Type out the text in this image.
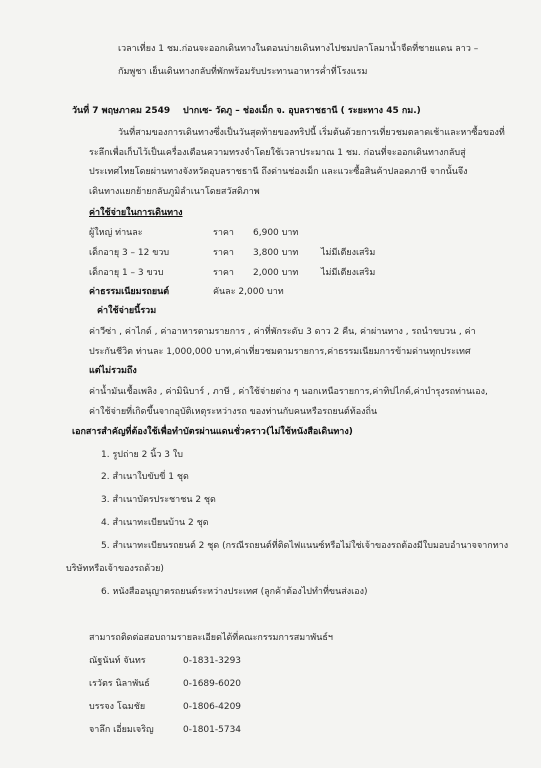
เวลาเที่ยง 1 ชม.ก่อนจะออกเดินทางในตอนบ่ายเดินทางไปชมปลาโลมาน้ำจืดที่ชายแดน ลาว –
กัมพูชา เย็นเดินทางกลับที่พักพร้อมรับประทานอาหารค่ำที่โรงแรม
วันที่ 7 พฤษภาคม 2549 ปากเซ- วัดภู – ช่องเม็ก จ. อุบลราชธานี ( ระยะทาง 45 กม.)
วันที่สามของการเดินทางซึ่งเป็นวันสุดท้ายของทริปนี้ เริ่มต้นด้วยการเที่ยวชมตลาดเช้าและหาซื้อของที่
ระลึกเพื่อเก็บไว้เป็นเครื่องเตือนความทรงจำโดยใช้เวลาประมาณ 1 ชม. ก่อนที่จะออกเดินทางกลับสู่
ประเทศไทยโดยผ่านทางจังหวัดอุบลราชธานี ถึงด่านช่องเม็ก และแวะซื้อสินค้าปลอดภาษี จากนั้นจึง
เดินทางแยกย้ายกลับภูมิลำเนาโดยสวัสดิภาพ
ค่าใช้จ่ายในการเดินทาง
ผู้ใหญ่ ท่านละ	ราคา 6,900 บาท
เด็กอายุ 3 – 12 ขวบ	ราคา 3,800 บาท	ไม่มีเตียงเสริม
เด็กอายุ 1 – 3 ขวบ	ราคา 2,000 บาท	ไม่มีเตียงเสริม
ค่าธรรมเนียมรถยนต์	คันละ 2,000 บาท
ค่าใช้จ่ายนี้รวม
ค่าวีซ่า , ค่าไกด์ , ค่าอาหารตามรายการ , ค่าที่พักระดับ 3 ดาว 2 คืน, ค่าผ่านทาง , รถนำขบวน , ค่า
ประกันชีวิต ท่านละ 1,000,000 บาท,ค่าเที่ยวชมตามรายการ,ค่าธรรมเนียมการข้ามด่านทุกประเทศ
แต่ไม่รวมถึง
ค่าน้ำมันเชื้อเพลิง , ค่ามินิบาร์ , ภาษี , ค่าใช้จ่ายต่าง ๆ นอกเหนือรายการ,ค่าทิปไกด์,ค่าบำรุงรถท่านเอง,
ค่าใช้จ่ายที่เกิดขึ้นจากอุบัติเหตุระหว่างรถ ของท่านกับคนหรือรถยนต์ท้องถิ่น
เอกสารสำคัญที่ต้องใช้เพื่อทำบัตรผ่านแดนชั่วคราว(ไม่ใช้หนังสือเดินทาง)
1. รูปถ่าย 2 นิ้ว 3 ใบ
2. สำเนาใบขับขี่ 1 ชุด
3. สำเนาบัตรประชาชน 2 ชุด
4. สำเนาทะเบียนบ้าน 2 ชุด
5. สำเนาทะเบียนรถยนต์ 2 ชุด (กรณีรถยนต์ที่ติดไฟแนนซ์หรือไม่ใช่เจ้าของรถต้องมีใบมอบอำนาจจากทาง
บริษัทหรือเจ้าของรถด้วย)
6. หนังสืออนุญาตรถยนต์ระหว่างประเทศ (ลูกค้าต้องไปทำที่ขนส่งเอง)
สามารถติดต่อสอบถามรายละเอียดได้ที่คณะกรรมการสมาพันธ์ฯ
ณัฐนันท์ จันทร	0-1831-3293
เรวัตร นิลาพันธ์	0-1689-6020
บรรจง โฉมชัย	0-1806-4209
จาลึก เอี่ยมเจริญ	0-1801-5734
